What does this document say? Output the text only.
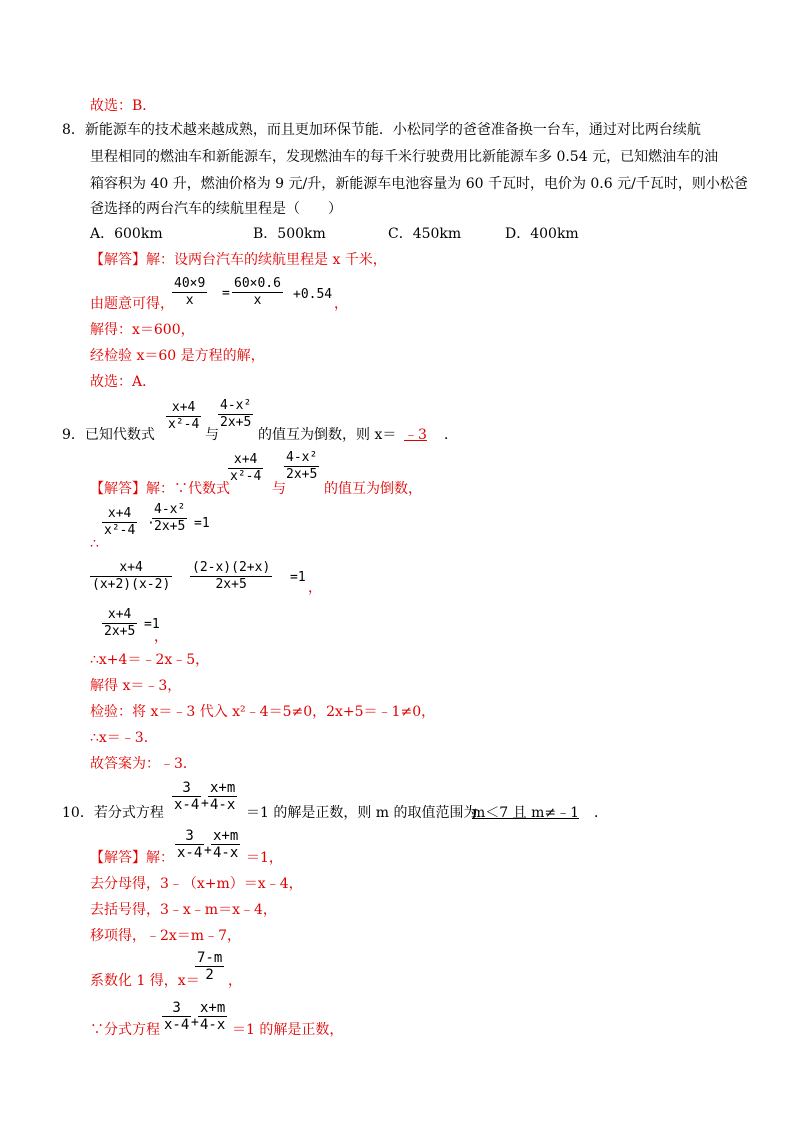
故选：B．
8．新能源车的技术越来越成熟，而且更加环保节能．小松同学的爸爸准备换一台车，通过对比两台续航
里程相同的燃油车和新能源车，发现燃油车的每千米行驶费用比新能源车多 0.54 元，已知燃油车的油
箱容积为 40 升，燃油价格为 9 元/升，新能源车电池容量为 60 千瓦时，电价为 0.6 元/千瓦时，则小松爸
爸选择的两台汽车的续航里程是（　　）
A．600km	B．500km	C．450km	D．400km
【解答】解：设两台汽车的续航里程是 x 千米，
由题意可得，
40×9
x =
60×0.6
x +0.54
，
解得：x＝600，
经检验 x＝60 是方程的解，
故选：A．
9．已知代数式
x+4
x²-4
与
4-x²
2x+5
的值互为倒数，则 x＝ ﹣3	．
【解答】解：∵代数式
x+4
x²-4
与
4-x²
2x+5
的值互为倒数，
x+4
x²-4 ·
4-x²
2x+5 =1
∴
x+4
(x+2)(x-2)
(2-x)(2+x)
2x+5	=1
，
x+4
2x+5 =1
，
∴x+4＝﹣2x﹣5，
解得 x＝﹣3，
检验：将 x＝﹣3 代入 x²﹣4＝5≠0，2x+5＝﹣1≠0，
∴x＝﹣3．
故答案为：﹣3．
10．若分式方程
3
x-4 +
x+m
4-x ＝1 的解是正数，则 m 的取值范围为
m＜7 且 m≠﹣1	．
【解答】解：
3
x-4 +
x+m
4-x ＝1，
去分母得，3﹣（x+m）＝x﹣4，
去括号得，3﹣x﹣m＝x﹣4，
移项得，﹣2x＝m﹣7，
系数化 1 得，x＝
7-m
2 ，
∵分式方程
3
x-4 +
x+m
4-x ＝1 的解是正数，
